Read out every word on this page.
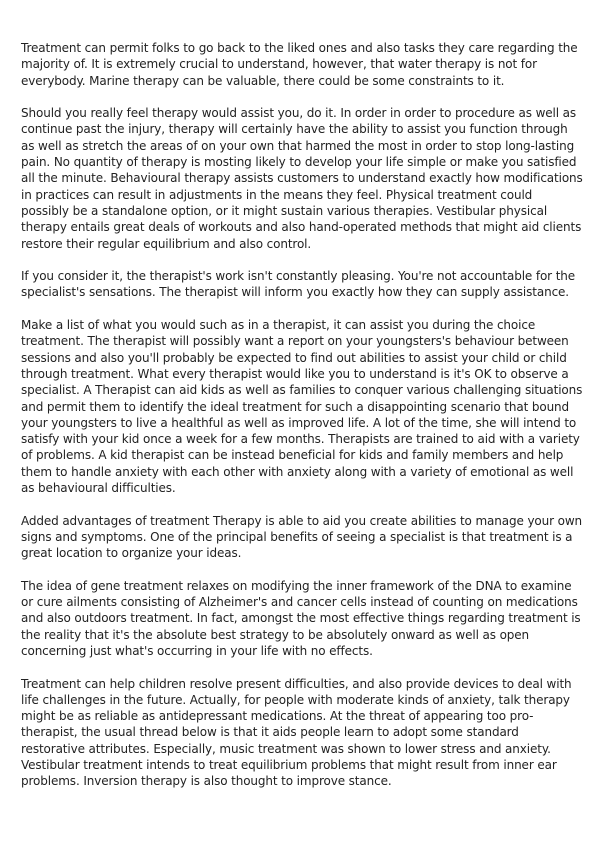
Treatment can permit folks to go back to the liked ones and also tasks they care regarding the majority of. It is extremely crucial to understand, however, that water therapy is not for everybody. Marine therapy can be valuable, there could be some constraints to it.

Should you really feel therapy would assist you, do it. In order in order to procedure as well as continue past the injury, therapy will certainly have the ability to assist you function through as well as stretch the areas of on your own that harmed the most in order to stop long-lasting pain. No quantity of therapy is mosting likely to develop your life simple or make you satisfied all the minute. Behavioural therapy assists customers to understand exactly how modifications in practices can result in adjustments in the means they feel. Physical treatment could possibly be a standalone option, or it might sustain various therapies. Vestibular physical therapy entails great deals of workouts and also hand-operated methods that might aid clients restore their regular equilibrium and also control.

If you consider it, the therapist's work isn't constantly pleasing. You're not accountable for the specialist's sensations. The therapist will inform you exactly how they can supply assistance.

Make a list of what you would such as in a therapist, it can assist you during the choice treatment. The therapist will possibly want a report on your youngsters's behaviour between sessions and also you'll probably be expected to find out abilities to assist your child or child through treatment. What every therapist would like you to understand is it's OK to observe a specialist. A Therapist can aid kids as well as families to conquer various challenging situations and permit them to identify the ideal treatment for such a disappointing scenario that bound your youngsters to live a healthful as well as improved life. A lot of the time, she will intend to satisfy with your kid once a week for a few months. Therapists are trained to aid with a variety of problems. A kid therapist can be instead beneficial for kids and family members and help them to handle anxiety with each other with anxiety along with a variety of emotional as well as behavioural difficulties.

Added advantages of treatment Therapy is able to aid you create abilities to manage your own signs and symptoms. One of the principal benefits of seeing a specialist is that treatment is a great location to organize your ideas.

The idea of gene treatment relaxes on modifying the inner framework of the DNA to examine or cure ailments consisting of Alzheimer's and cancer cells instead of counting on medications and also outdoors treatment. In fact, amongst the most effective things regarding treatment is the reality that it's the absolute best strategy to be absolutely onward as well as open concerning just what's occurring in your life with no effects.

Treatment can help children resolve present difficulties, and also provide devices to deal with life challenges in the future. Actually, for people with moderate kinds of anxiety, talk therapy might be as reliable as antidepressant medications. At the threat of appearing too pro-therapist, the usual thread below is that it aids people learn to adopt some standard restorative attributes. Especially, music treatment was shown to lower stress and anxiety. Vestibular treatment intends to treat equilibrium problems that might result from inner ear problems. Inversion therapy is also thought to improve stance.
